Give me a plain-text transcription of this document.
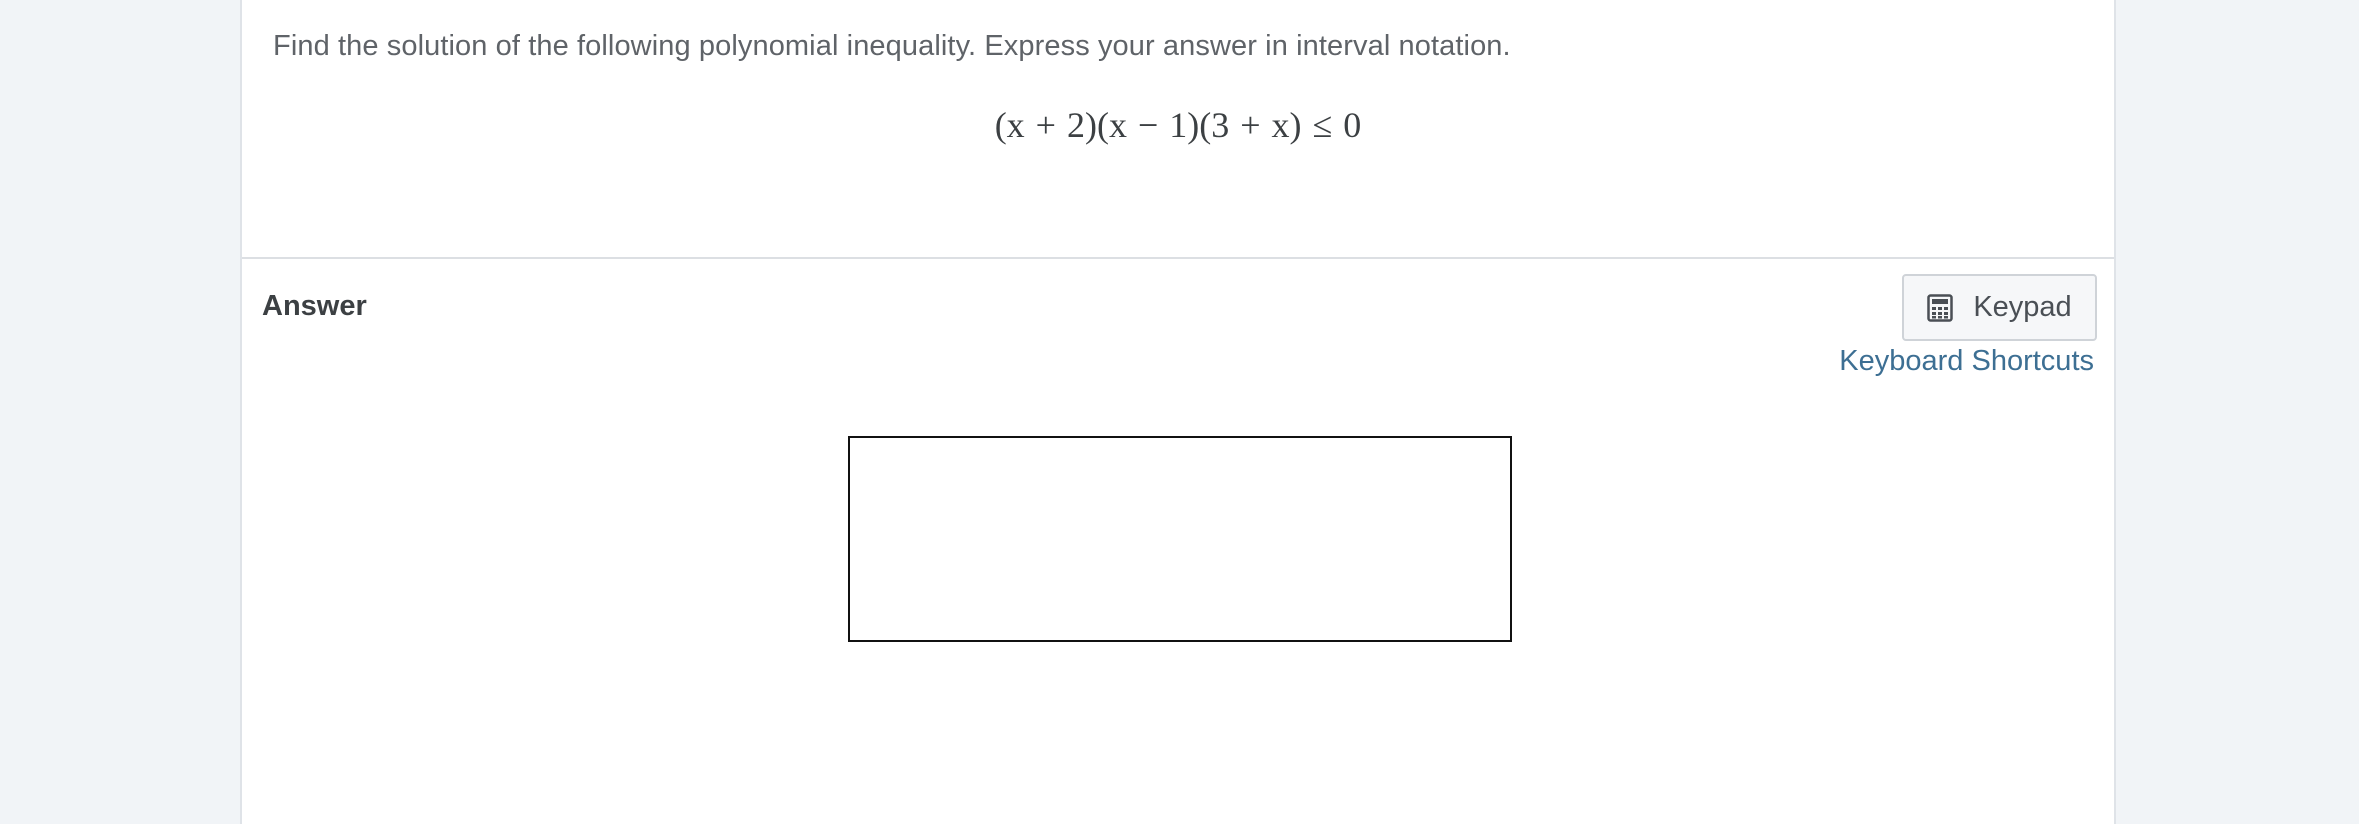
Find the solution of the following polynomial inequality. Express your answer in interval notation.
(x + 2)(x − 1)(3 + x) ≤ 0
Answer	Keypad
Keyboard Shortcuts
